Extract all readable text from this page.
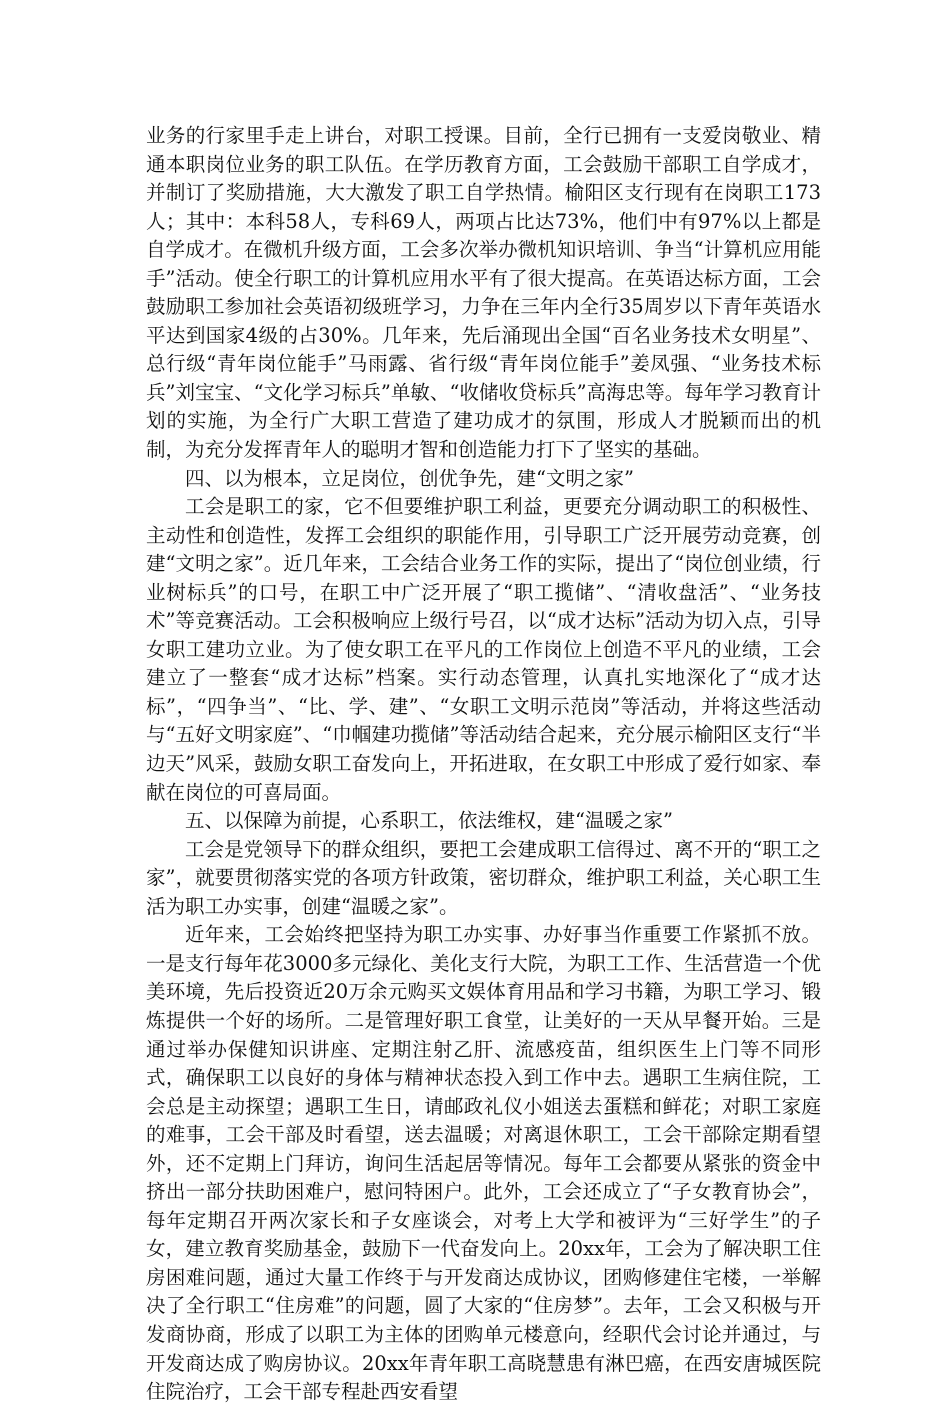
业务的行家里手走上讲台，对职工授课。目前，全行已拥有一支爱岗敬业、精通本职岗位业务的职工队伍。在学历教育方面，工会鼓励干部职工自学成才，并制订了奖励措施，大大激发了职工自学热情。榆阳区支行现有在岗职工173人；其中：本科58人，专科69人，两项占比达73%，他们中有97%以上都是自学成才。在微机升级方面，工会多次举办微机知识培训、争当“计算机应用能手”活动。使全行职工的计算机应用水平有了很大提高。在英语达标方面，工会鼓励职工参加社会英语初级班学习，力争在三年内全行35周岁以下青年英语水平达到国家4级的占30%。几年来，先后涌现出全国“百名业务技术女明星”、总行级“青年岗位能手”马雨露、省行级“青年岗位能手”姜凤强、“业务技术标兵”刘宝宝、“文化学习标兵”单敏、“收储收贷标兵”高海忠等。每年学习教育计划的实施，为全行广大职工营造了建功成才的氛围，形成人才脱颖而出的机制，为充分发挥青年人的聪明才智和创造能力打下了坚实的基础。

四、以为根本，立足岗位，创优争先，建“文明之家”

工会是职工的家，它不但要维护职工利益，更要充分调动职工的积极性、主动性和创造性，发挥工会组织的职能作用，引导职工广泛开展劳动竞赛，创建“文明之家”。近几年来，工会结合业务工作的实际，提出了“岗位创业绩，行业树标兵”的口号，在职工中广泛开展了“职工揽储”、“清收盘活”、“业务技术”等竞赛活动。工会积极响应上级行号召，以“成才达标”活动为切入点，引导女职工建功立业。为了使女职工在平凡的工作岗位上创造不平凡的业绩，工会建立了一整套“成才达标”档案。实行动态管理，认真扎实地深化了“成才达标”，“四争当”、“比、学、建”、“女职工文明示范岗”等活动，并将这些活动与“五好文明家庭”、“巾帼建功揽储”等活动结合起来，充分展示榆阳区支行“半边天”风采，鼓励女职工奋发向上，开拓进取，在女职工中形成了爱行如家、奉献在岗位的可喜局面。

五、以保障为前提，心系职工，依法维权，建“温暖之家”

工会是党领导下的群众组织，要把工会建成职工信得过、离不开的“职工之家”，就要贯彻落实党的各项方针政策，密切群众，维护职工利益，关心职工生活为职工办实事，创建“温暖之家”。

近年来，工会始终把坚持为职工办实事、办好事当作重要工作紧抓不放。一是支行每年花3000多元绿化、美化支行大院，为职工工作、生活营造一个优美环境，先后投资近20万余元购买文娱体育用品和学习书籍，为职工学习、锻炼提供一个好的场所。二是管理好职工食堂，让美好的一天从早餐开始。三是通过举办保健知识讲座、定期注射乙肝、流感疫苗，组织医生上门等不同形式，确保职工以良好的身体与精神状态投入到工作中去。遇职工生病住院，工会总是主动探望；遇职工生日，请邮政礼仪小姐送去蛋糕和鲜花；对职工家庭的难事，工会干部及时看望，送去温暖；对离退休职工，工会干部除定期看望外，还不定期上门拜访，询问生活起居等情况。每年工会都要从紧张的资金中挤出一部分扶助困难户，慰问特困户。此外，工会还成立了“子女教育协会”，每年定期召开两次家长和子女座谈会，对考上大学和被评为“三好学生”的子女，建立教育奖励基金，鼓励下一代奋发向上。20xx年，工会为了解决职工住房困难问题，通过大量工作终于与开发商达成协议，团购修建住宅楼，一举解决了全行职工“住房难”的问题，圆了大家的“住房梦”。去年，工会又积极与开发商协商，形成了以职工为主体的团购单元楼意向，经职代会讨论并通过，与开发商达成了购房协议。20xx年青年职工高晓慧患有淋巴癌，在西安唐城医院住院治疗，工会干部专程赴西安看望
